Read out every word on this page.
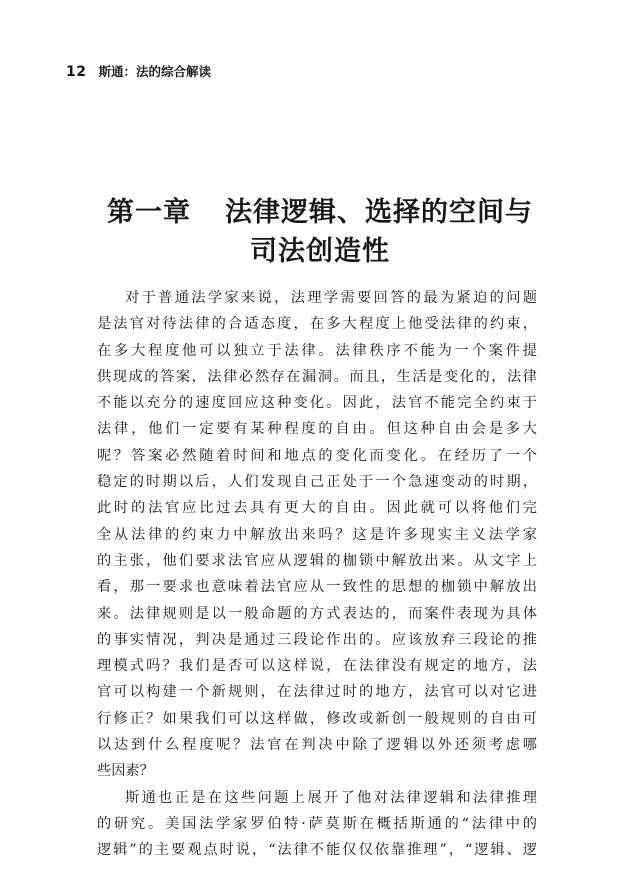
12 斯通：法的综合解读
第一章 法律逻辑、选择的空间与
司法创造性
对于普通法学家来说，法理学需要回答的最为紧迫的问题
是法官对待法律的合适态度，在多大程度上他受法律的约束，
在多大程度他可以独立于法律。法律秩序不能为一个案件提
供现成的答案，法律必然存在漏洞。而且，生活是变化的，法律
不能以充分的速度回应这种变化。因此，法官不能完全约束于
法律，他们一定要有某种程度的自由。但这种自由会是多大
呢？答案必然随着时间和地点的变化而变化。在经历了一个
稳定的时期以后，人们发现自己正处于一个急速变动的时期，
此时的法官应比过去具有更大的自由。因此就可以将他们完
全从法律的约束力中解放出来吗？这是许多现实主义法学家
的主张，他们要求法官应从逻辑的枷锁中解放出来。从文字上
看，那一要求也意味着法官应从一致性的思想的枷锁中解放出
来。法律规则是以一般命题的方式表达的，而案件表现为具体
的事实情况，判决是通过三段论作出的。应该放弃三段论的推
理模式吗？我们是否可以这样说，在法律没有规定的地方，法
官可以构建一个新规则，在法律过时的地方，法官可以对它进
行修正？如果我们可以这样做，修改或新创一般规则的自由可
以达到什么程度呢？法官在判决中除了逻辑以外还须考虑哪
些因素？
斯通也正是在这些问题上展开了他对法律逻辑和法律推理
的研究。美国法学家罗伯特·萨莫斯在概括斯通的“法律中的
逻辑”的主要观点时说，“法律不能仅仅依靠推理”，“逻辑、逻
